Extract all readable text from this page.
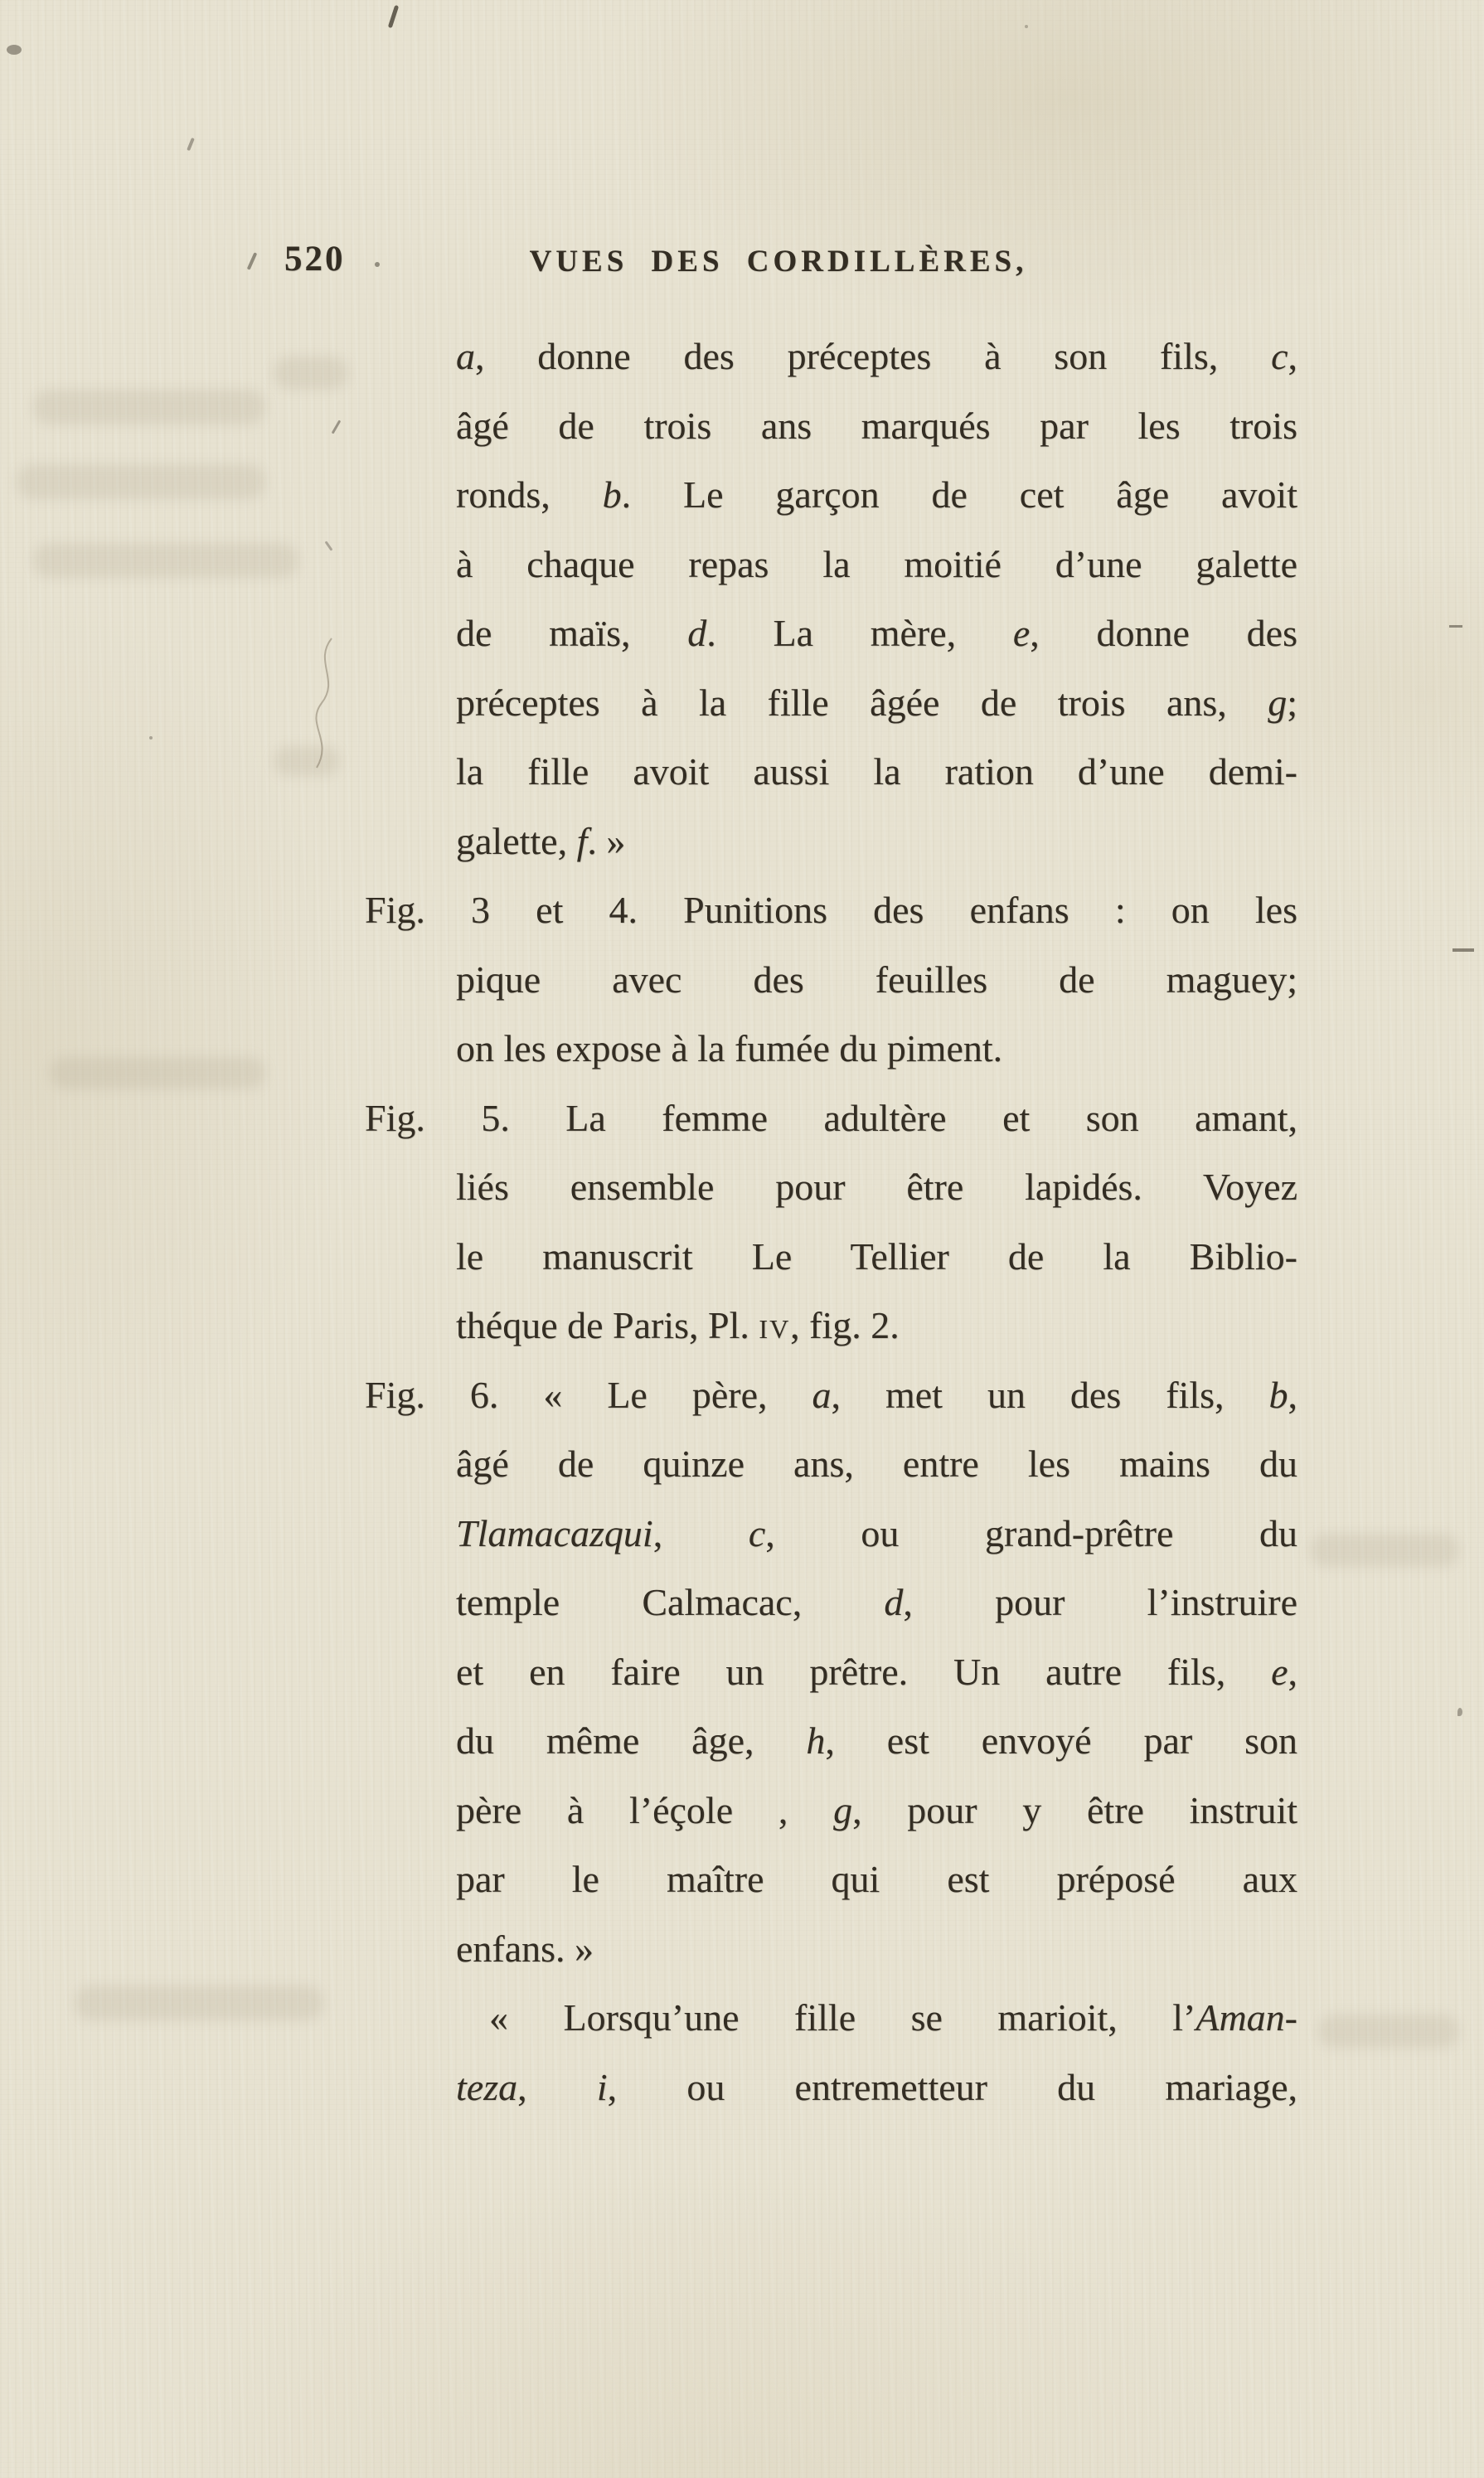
520	VUES DES CORDILLÈRES,
a, donne des préceptes à son fils, c,
âgé de trois ans marqués par les trois
ronds, b. Le garçon de cet âge avoit
à chaque repas la moitié d’une galette
de maïs, d. La mère, e, donne des
préceptes à la fille âgée de trois ans, g;
la fille avoit aussi la ration d’une demi-
galette, f. »
Fig. 3 et 4. Punitions des enfans : on les
pique avec des feuilles de maguey;
on les expose à la fumée du piment.
Fig. 5. La femme adultère et son amant,
liés ensemble pour être lapidés. Voyez
le manuscrit Le Tellier de la Biblio-
théque de Paris, Pl. iv, fig. 2.
Fig. 6. « Le père, a, met un des fils, b,
âgé de quinze ans, entre les mains du
Tlamacazqui, c, ou grand-prêtre du
temple Calmacac, d, pour l’instruire
et en faire un prêtre. Un autre fils, e,
du même âge, h, est envoyé par son
père à l’éçole , g, pour y être instruit
par le maître qui est préposé aux
enfans. »
« Lorsqu’une fille se marioit, l’Aman-
teza, i, ou entremetteur du mariage,
